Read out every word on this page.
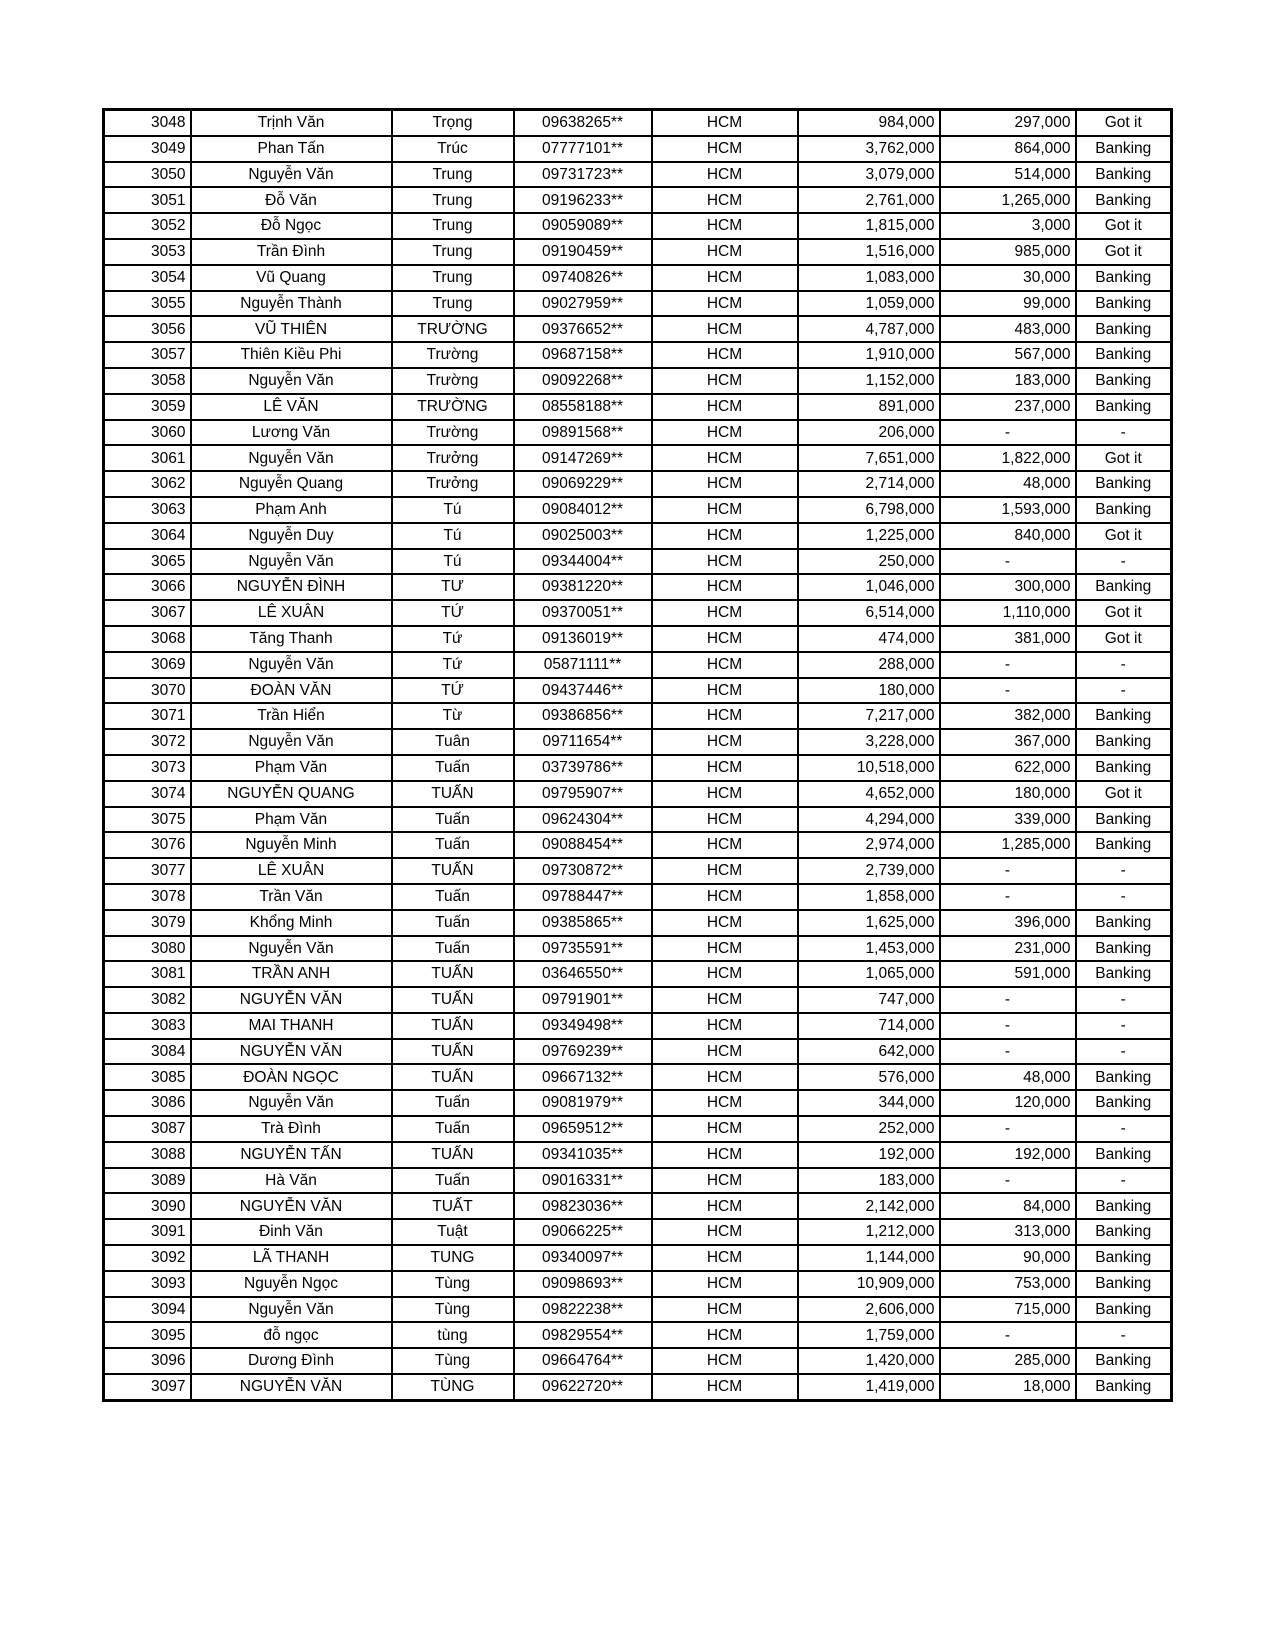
3048	Trịnh Văn	Trọng	09638265**	HCM	984,000	297,000	Got it
3049	Phan Tấn	Trúc	07777101**	HCM	3,762,000	864,000	Banking
3050	Nguyễn Văn	Trung	09731723**	HCM	3,079,000	514,000	Banking
3051	Đỗ Văn	Trung	09196233**	HCM	2,761,000	1,265,000	Banking
3052	Đỗ Ngọc	Trung	09059089**	HCM	1,815,000	3,000	Got it
3053	Trần Đình	Trung	09190459**	HCM	1,516,000	985,000	Got it
3054	Vũ Quang	Trung	09740826**	HCM	1,083,000	30,000	Banking
3055	Nguyễn Thành	Trung	09027959**	HCM	1,059,000	99,000	Banking
3056	VŨ THIÊN	TRƯỜNG	09376652**	HCM	4,787,000	483,000	Banking
3057	Thiên Kiều Phi	Trường	09687158**	HCM	1,910,000	567,000	Banking
3058	Nguyễn Văn	Trường	09092268**	HCM	1,152,000	183,000	Banking
3059	LÊ VĂN	TRƯỜNG	08558188**	HCM	891,000	237,000	Banking
3060	Lương Văn	Trường	09891568**	HCM	206,000	-	-
3061	Nguyễn Văn	Trưởng	09147269**	HCM	7,651,000	1,822,000	Got it
3062	Nguyễn Quang	Trưởng	09069229**	HCM	2,714,000	48,000	Banking
3063	Phạm Anh	Tú	09084012**	HCM	6,798,000	1,593,000	Banking
3064	Nguyễn Duy	Tú	09025003**	HCM	1,225,000	840,000	Got it
3065	Nguyễn Văn	Tú	09344004**	HCM	250,000	-	-
3066	NGUYỄN ĐÌNH	TƯ	09381220**	HCM	1,046,000	300,000	Banking
3067	LÊ XUÂN	TỨ	09370051**	HCM	6,514,000	1,110,000	Got it
3068	Tăng Thanh	Tứ	09136019**	HCM	474,000	381,000	Got it
3069	Nguyễn Văn	Tứ	05871111**	HCM	288,000	-	-
3070	ĐOÀN VĂN	TỨ	09437446**	HCM	180,000	-	-
3071	Trần Hiển	Từ	09386856**	HCM	7,217,000	382,000	Banking
3072	Nguyễn Văn	Tuân	09711654**	HCM	3,228,000	367,000	Banking
3073	Phạm Văn	Tuấn	03739786**	HCM	10,518,000	622,000	Banking
3074	NGUYỄN QUANG	TUẤN	09795907**	HCM	4,652,000	180,000	Got it
3075	Phạm Văn	Tuấn	09624304**	HCM	4,294,000	339,000	Banking
3076	Nguyễn Minh	Tuấn	09088454**	HCM	2,974,000	1,285,000	Banking
3077	LÊ XUÂN	TUẤN	09730872**	HCM	2,739,000	-	-
3078	Trần Văn	Tuấn	09788447**	HCM	1,858,000	-	-
3079	Khổng Minh	Tuấn	09385865**	HCM	1,625,000	396,000	Banking
3080	Nguyễn Văn	Tuấn	09735591**	HCM	1,453,000	231,000	Banking
3081	TRẦN ANH	TUẤN	03646550**	HCM	1,065,000	591,000	Banking
3082	NGUYỄN VĂN	TUẤN	09791901**	HCM	747,000	-	-
3083	MAI THANH	TUẤN	09349498**	HCM	714,000	-	-
3084	NGUYỄN VĂN	TUẤN	09769239**	HCM	642,000	-	-
3085	ĐOÀN NGỌC	TUẤN	09667132**	HCM	576,000	48,000	Banking
3086	Nguyễn Văn	Tuấn	09081979**	HCM	344,000	120,000	Banking
3087	Trà Đình	Tuấn	09659512**	HCM	252,000	-	-
3088	NGUYỄN TẤN	TUẤN	09341035**	HCM	192,000	192,000	Banking
3089	Hà Văn	Tuấn	09016331**	HCM	183,000	-	-
3090	NGUYỄN VĂN	TUẤT	09823036**	HCM	2,142,000	84,000	Banking
3091	Đinh Văn	Tuật	09066225**	HCM	1,212,000	313,000	Banking
3092	LÃ THANH	TUNG	09340097**	HCM	1,144,000	90,000	Banking
3093	Nguyễn Ngọc	Tùng	09098693**	HCM	10,909,000	753,000	Banking
3094	Nguyễn Văn	Tùng	09822238**	HCM	2,606,000	715,000	Banking
3095	đỗ ngọc	tùng	09829554**	HCM	1,759,000	-	-
3096	Dương Đình	Tùng	09664764**	HCM	1,420,000	285,000	Banking
3097	NGUYỄN VĂN	TÙNG	09622720**	HCM	1,419,000	18,000	Banking
